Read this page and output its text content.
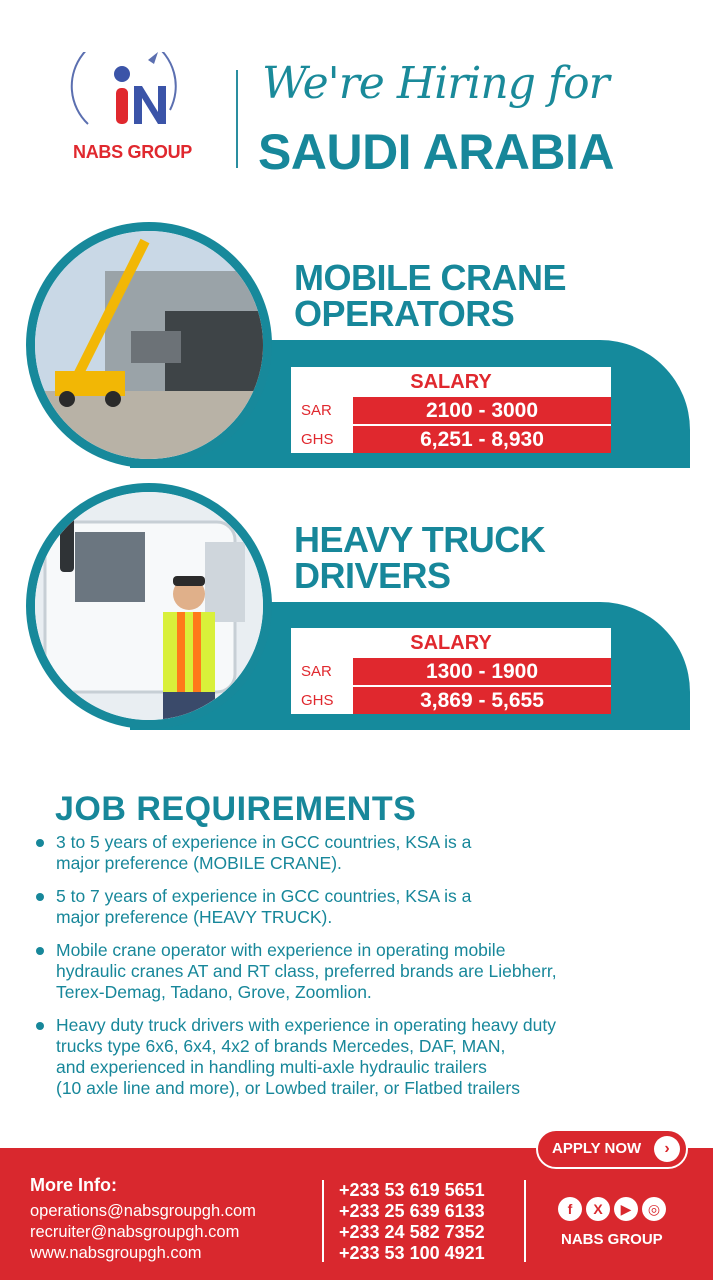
NABS GROUP
We're Hiring for
SAUDI ARABIA
MOBILE CRANE
OPERATORS
SALARY
SAR	2100 - 3000
GHS	6,251 - 8,930
HEAVY TRUCK
DRIVERS
SALARY
SAR	1300 - 1900
GHS	3,869 - 5,655
JOB REQUIREMENTS
3 to 5 years of experience in GCC countries, KSA is a
major preference (MOBILE CRANE).
5 to 7 years of experience in GCC countries, KSA is a
major preference (HEAVY TRUCK).
Mobile crane operator with experience in operating mobile
hydraulic cranes AT and RT class, preferred brands are Liebherr,
Terex-Demag, Tadano, Grove, Zoomlion.
Heavy duty truck drivers with experience in operating heavy duty
trucks type 6x6, 6x4, 4x2 of brands Mercedes, DAF, MAN,
and experienced in handling multi-axle hydraulic trailers
(10 axle line and more), or Lowbed trailer, or Flatbed trailers
APPLY NOW	›
More Info:
operations@nabsgroupgh.com
recruiter@nabsgroupgh.com
www.nabsgroupgh.com
+233 53 619 5651
+233 25 639 6133
+233 24 582 7352
+233 53 100 4921
f	X	▶	◎
NABS GROUP
